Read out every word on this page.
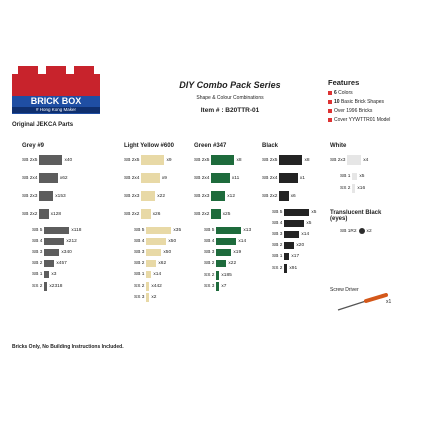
BRICK BOX
# Hong Kong Maker
Original JEKCA Parts
DIY Combo Pack Series
Shape & Colour Combinations
Item # : B20TTR-01
Features
6 Colors
10 Basic Brick Shapes
Over 1996 Bricks
Cover YYWTTR01 Model
Grey #9
SB 2x5	x40
SB 2x4	x62
SB 2x3	x153
SB 2x2	x128
SB 5	x118
SB 4	x212
SB 3	x340
SB 2	x457
SB 1 x3
SS 2 x2318
Light Yellow #600
SB 2x5	x9
SB 2x4	x9
SB 2x3	x22
SB 2x2	x26
SB 5	x35
SB 4	x50
SB 3	x50
SB 2	x62
SB 1 x14
SS 2 x442
SS 3 x2
Green #347
SB 2x5	x8
SB 2x4	x11
SB 2x3	x12
SB 2x2	x25
SB 5	x13
SB 4	x14
SB 3	x19
SB 2	x22
SS 2 x185
SS 3 x7
Black
SB 2x5	x8
SB 2x4	x1
SB 2x2	x6
SB 5	x5
SB 4	x5
SB 3	x14
SB 2	x20
SB 1 x17
SS 2 x91
White
SB 2x3	x4
SB 1 x5
SS 2 x16
Translucent Black (eyes)
SB 1R2 x2
Screw Driver
x1
Bricks Only, No Building Instructions Included.
